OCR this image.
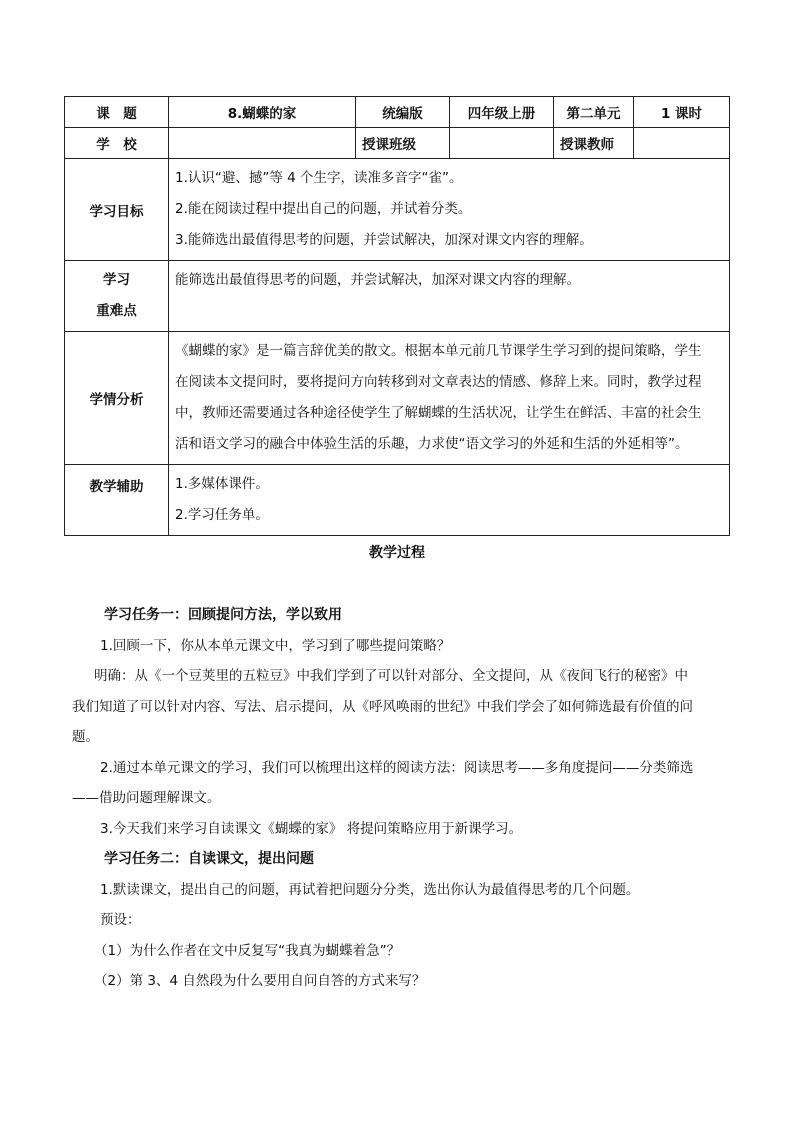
课　题	8.蝴蝶的家	统编版	四年级上册	第二单元	1 课时
学　校		授课班级		授课教师	
学习目标	1.认识“避、撼”等 4 个生字，读准多音字“雀”。
2.能在阅读过程中提出自己的问题，并试着分类。
3.能筛选出最值得思考的问题，并尝试解决，加深对课文内容的理解。				

学习
重难点	能筛选出最值得思考的问题，并尝试解决，加深对课文内容的理解。				

学情分析	《蝴蝶的家》是一篇言辞优美的散文。根据本单元前几节课学生学习到的提问策略，学生
在阅读本文提问时，要将提问方向转移到对文章表达的情感、修辞上来。同时，教学过程
中，教师还需要通过各种途径使学生了解蝴蝶的生活状况，让学生在鲜活、丰富的社会生
活和语文学习的融合中体验生活的乐趣，力求使“语文学习的外延和生活的外延相等”。				

教学辅助	1.多媒体课件。
2.学习任务单。				
教学过程

学习任务一：回顾提问方法，学以致用

1.回顾一下，你从本单元课文中，学习到了哪些提问策略？

明确：从《一个豆荚里的五粒豆》中我们学到了可以针对部分、全文提问，从《夜间飞行的秘密》中

我们知道了可以针对内容、写法、启示提问，从《呼风唤雨的世纪》中我们学会了如何筛选最有价值的问

题。

2.通过本单元课文的学习，我们可以梳理出这样的阅读方法：阅读思考——多角度提问——分类筛选

——借助问题理解课文。

3.今天我们来学习自读课文《蝴蝶的家》 将提问策略应用于新课学习。

学习任务二：自读课文，提出问题

1.默读课文，提出自己的问题，再试着把问题分分类，选出你认为最值得思考的几个问题。

预设：

（1）为什么作者在文中反复写“我真为蝴蝶着急”？

（2）第 3、4 自然段为什么要用自问自答的方式来写？
